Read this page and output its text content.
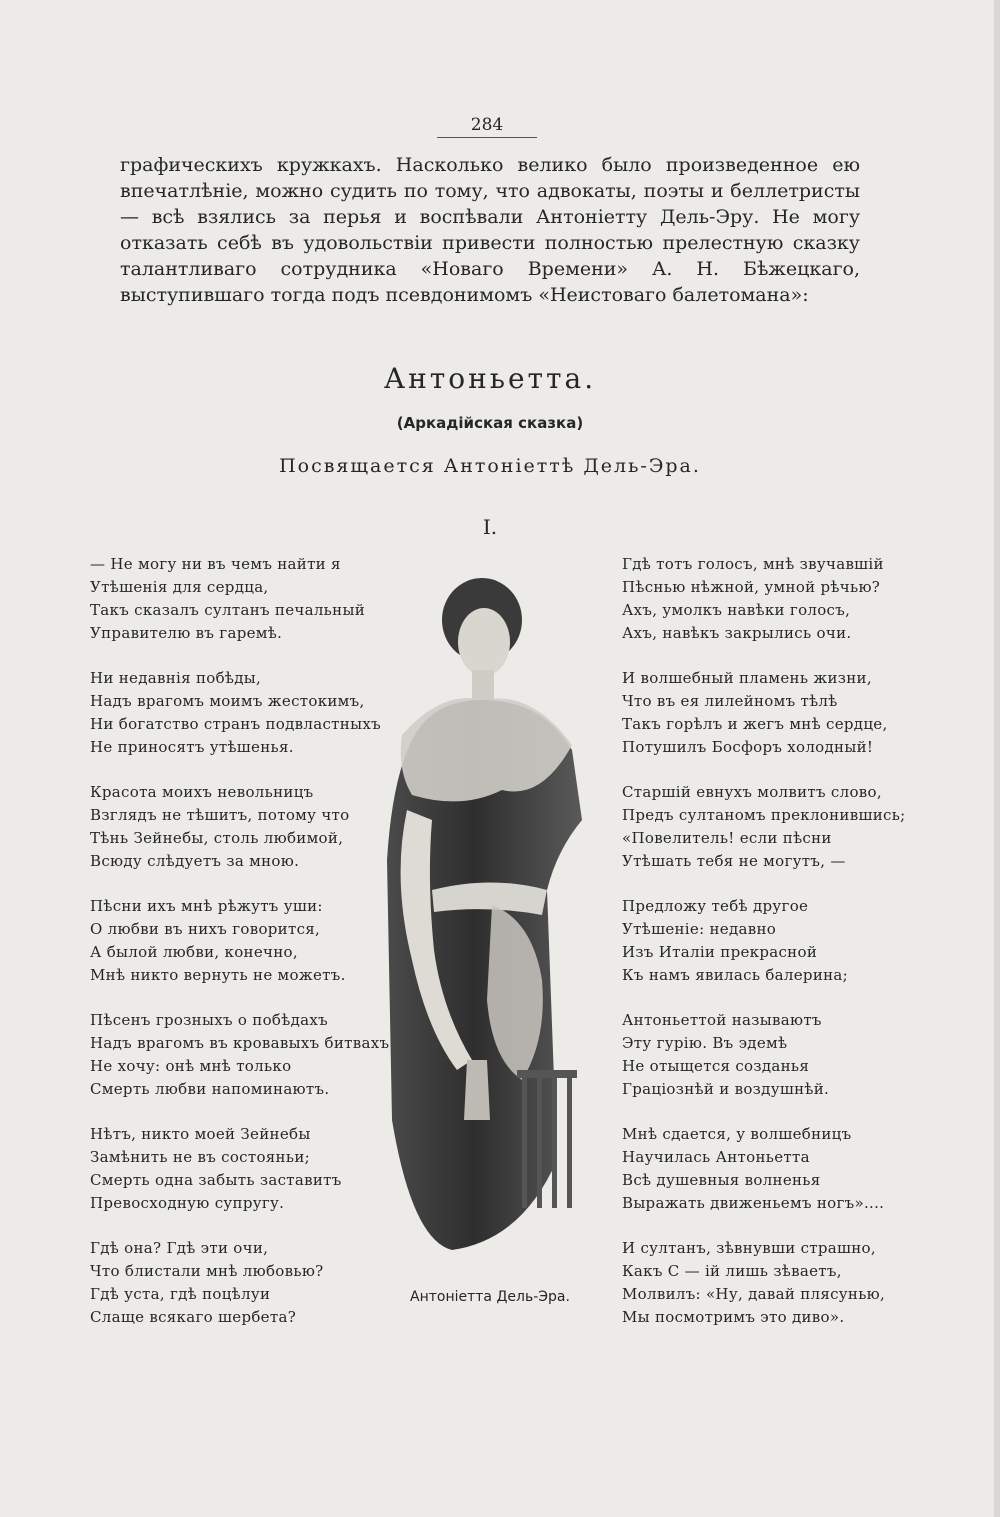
284

графическихъ кружкахъ. Насколько велико было произведенное ею впечатлѣніе, можно судить по тому, что адвокаты, поэты и беллетристы — всѣ взялись за перья и воспѣвали Антоніетту Дель-Эру. Не могу отказать себѣ въ удовольствіи привести полностью прелестную сказку талантливаго сотрудника «Новаго Времени» А. Н. Бѣжецкаго, выступившаго тогда подъ псевдонимомъ «Неистоваго балетомана»:

Антоньетта.
(Аркадійская сказка)
Посвящается Антоніеттѣ Дель-Эра.
I.
— Не могу ни въ чемъ найти я
Утѣшенія для сердца,
Такъ сказалъ султанъ печальный
Управителю въ гаремѣ.
Ни недавнія побѣды,
Надъ врагомъ моимъ жестокимъ,
Ни богатство странъ подвластныхъ
Не приносятъ утѣшенья.
Красота моихъ невольницъ
Взглядъ не тѣшитъ, потому что
Тѣнь Зейнебы, столь любимой,
Всюду слѣдуетъ за мною.
Пѣсни ихъ мнѣ рѣжутъ уши:
О любви въ нихъ говорится,
А былой любви, конечно,
Мнѣ никто вернуть не можетъ.
Пѣсенъ грозныхъ о побѣдахъ
Надъ врагомъ въ кровавыхъ битвахъ
Не хочу: онѣ мнѣ только
Смерть любви напоминаютъ.
Нѣтъ, никто моей Зейнебы
Замѣнить не въ состояньи;
Смерть одна забыть заставитъ
Превосходную супругу.
Гдѣ она? Гдѣ эти очи,
Что блистали мнѣ любовью?
Гдѣ уста, гдѣ поцѣлуи
Слаще всякаго шербета?
Гдѣ тотъ голосъ, мнѣ звучавшій
Пѣснью нѣжной, умной рѣчью?
Ахъ, умолкъ навѣки голосъ,
Ахъ, навѣкъ закрылись очи.
И волшебный пламень жизни,
Что въ ея лилейномъ тѣлѣ
Такъ горѣлъ и жегъ мнѣ сердце,
Потушилъ Босфоръ холодный!
Старшій евнухъ молвитъ слово,
Предъ султаномъ преклонившись;
«Повелитель! если пѣсни
Утѣшать тебя не могутъ, —
Предложу тебѣ другое
Утѣшеніе: недавно
Изъ Италіи прекрасной
Къ намъ явилась балерина;
Антоньеттой называютъ
Эту гурію. Въ эдемѣ
Не отыщется созданья
Граціознѣй и воздушнѣй.
Мнѣ сдается, у волшебницъ
Научилась Антоньетта
Всѣ душевныя волненья
Выражать движеньемъ ногъ»....
И султанъ, зѣвнувши страшно,
Какъ С — ій лишь зѣваетъ,
Молвилъ: «Ну, давай плясунью,
Мы посмотримъ это диво».
Антоніетта Дель-Эра.
